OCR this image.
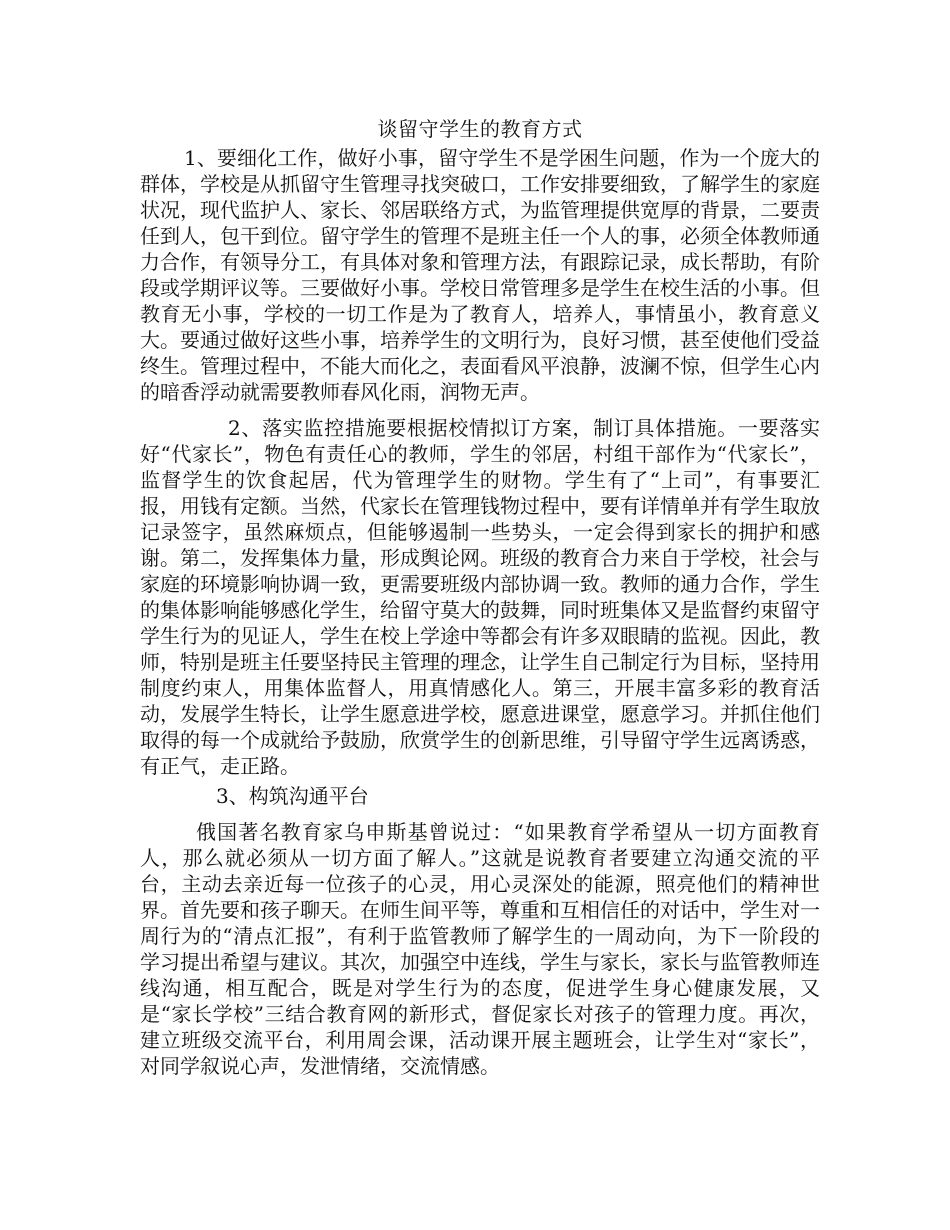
谈留守学生的教育方式

1、要细化工作，做好小事，留守学生不是学困生问题，作为一个庞大的群体，学校是从抓留守生管理寻找突破口，工作安排要细致，了解学生的家庭状况，现代监护人、家长、邻居联络方式，为监管理提供宽厚的背景，二要责任到人，包干到位。留守学生的管理不是班主任一个人的事，必须全体教师通力合作，有领导分工，有具体对象和管理方法，有跟踪记录，成长帮助，有阶段或学期评议等。三要做好小事。学校日常管理多是学生在校生活的小事。但教育无小事，学校的一切工作是为了教育人，培养人，事情虽小，教育意义大。要通过做好这些小事，培养学生的文明行为，良好习惯，甚至使他们受益终生。管理过程中，不能大而化之，表面看风平浪静，波澜不惊，但学生心内的暗香浮动就需要教师春风化雨，润物无声。

2、落实监控措施要根据校情拟订方案，制订具体措施。一要落实好“代家长”，物色有责任心的教师，学生的邻居，村组干部作为“代家长”，监督学生的饮食起居，代为管理学生的财物。学生有了“上司”，有事要汇报，用钱有定额。当然，代家长在管理钱物过程中，要有详情单并有学生取放记录签字，虽然麻烦点，但能够遏制一些势头，一定会得到家长的拥护和感谢。第二，发挥集体力量，形成舆论网。班级的教育合力来自于学校，社会与家庭的环境影响协调一致，更需要班级内部协调一致。教师的通力合作，学生的集体影响能够感化学生，给留守莫大的鼓舞，同时班集体又是监督约束留守学生行为的见证人，学生在校上学途中等都会有许多双眼睛的监视。因此，教师，特别是班主任要坚持民主管理的理念，让学生自己制定行为目标，坚持用制度约束人，用集体监督人，用真情感化人。第三，开展丰富多彩的教育活动，发展学生特长，让学生愿意进学校，愿意进课堂，愿意学习。并抓住他们取得的每一个成就给予鼓励，欣赏学生的创新思维，引导留守学生远离诱惑，有正气，走正路。

3、构筑沟通平台

俄国著名教育家乌申斯基曾说过：“如果教育学希望从一切方面教育人，那么就必须从一切方面了解人。”这就是说教育者要建立沟通交流的平台，主动去亲近每一位孩子的心灵，用心灵深处的能源，照亮他们的精神世界。首先要和孩子聊天。在师生间平等，尊重和互相信任的对话中，学生对一周行为的“清点汇报”，有利于监管教师了解学生的一周动向，为下一阶段的学习提出希望与建议。其次，加强空中连线，学生与家长，家长与监管教师连线沟通，相互配合，既是对学生行为的态度，促进学生身心健康发展，又是“家长学校”三结合教育网的新形式，督促家长对孩子的管理力度。再次，建立班级交流平台，利用周会课，活动课开展主题班会，让学生对“家长”，对同学叙说心声，发泄情绪，交流情感。
